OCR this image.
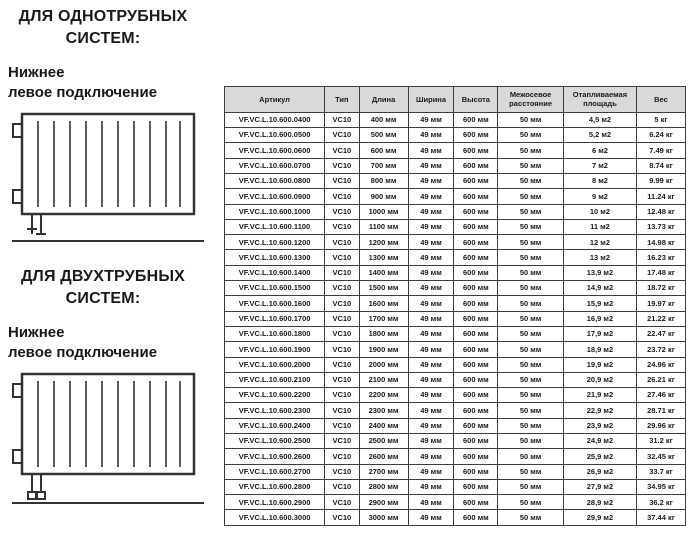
ДЛЯ ОДНОТРУБНЫХ
СИСТЕМ:
Нижнее
левое подключение
ДЛЯ ДВУХТРУБНЫХ
СИСТЕМ:
Нижнее
левое подключение
Артикул	Тип	Длина	Ширина	Высота	Межосевое расстояние	Отапливаемая площадь	Вес
VF.VC.L.10.600.0400	VC10	400 мм	49 мм	600 мм	50 мм	4,5 м2	5 кг
VF.VC.L.10.600.0500	VC10	500 мм	49 мм	600 мм	50 мм	5,2 м2	6.24 кг
VF.VC.L.10.600.0600	VC10	600 мм	49 мм	600 мм	50 мм	6 м2	7.49 кг
VF.VC.L.10.600.0700	VC10	700 мм	49 мм	600 мм	50 мм	7 м2	8.74 кг
VF.VC.L.10.600.0800	VC10	800 мм	49 мм	600 мм	50 мм	8 м2	9.99 кг
VF.VC.L.10.600.0900	VC10	900 мм	49 мм	600 мм	50 мм	9 м2	11.24 кг
VF.VC.L.10.600.1000	VC10	1000 мм	49 мм	600 мм	50 мм	10 м2	12.48 кг
VF.VC.L.10.600.1100	VC10	1100 мм	49 мм	600 мм	50 мм	11 м2	13.73 кг
VF.VC.L.10.600.1200	VC10	1200 мм	49 мм	600 мм	50 мм	12 м2	14.98 кг
VF.VC.L.10.600.1300	VC10	1300 мм	49 мм	600 мм	50 мм	13 м2	16.23 кг
VF.VC.L.10.600.1400	VC10	1400 мм	49 мм	600 мм	50 мм	13,9 м2	17.48 кг
VF.VC.L.10.600.1500	VC10	1500 мм	49 мм	600 мм	50 мм	14,9 м2	18.72 кг
VF.VC.L.10.600.1600	VC10	1600 мм	49 мм	600 мм	50 мм	15,9 м2	19.97 кг
VF.VC.L.10.600.1700	VC10	1700 мм	49 мм	600 мм	50 мм	16,9 м2	21.22 кг
VF.VC.L.10.600.1800	VC10	1800 мм	49 мм	600 мм	50 мм	17,9 м2	22.47 кг
VF.VC.L.10.600.1900	VC10	1900 мм	49 мм	600 мм	50 мм	18,9 м2	23.72 кг
VF.VC.L.10.600.2000	VC10	2000 мм	49 мм	600 мм	50 мм	19,9 м2	24.96 кг
VF.VC.L.10.600.2100	VC10	2100 мм	49 мм	600 мм	50 мм	20,9 м2	26.21 кг
VF.VC.L.10.600.2200	VC10	2200 мм	49 мм	600 мм	50 мм	21,9 м2	27.46 кг
VF.VC.L.10.600.2300	VC10	2300 мм	49 мм	600 мм	50 мм	22,9 м2	28.71 кг
VF.VC.L.10.600.2400	VC10	2400 мм	49 мм	600 мм	50 мм	23,9 м2	29.96 кг
VF.VC.L.10.600.2500	VC10	2500 мм	49 мм	600 мм	50 мм	24,9 м2	31.2 кг
VF.VC.L.10.600.2600	VC10	2600 мм	49 мм	600 мм	50 мм	25,9 м2	32.45 кг
VF.VC.L.10.600.2700	VC10	2700 мм	49 мм	600 мм	50 мм	26,9 м2	33.7 кг
VF.VC.L.10.600.2800	VC10	2800 мм	49 мм	600 мм	50 мм	27,9 м2	34.95 кг
VF.VC.L.10.600.2900	VC10	2900 мм	49 мм	600 мм	50 мм	28,9 м2	36.2 кг
VF.VC.L.10.600.3000	VC10	3000 мм	49 мм	600 мм	50 мм	29,9 м2	37.44 кг
